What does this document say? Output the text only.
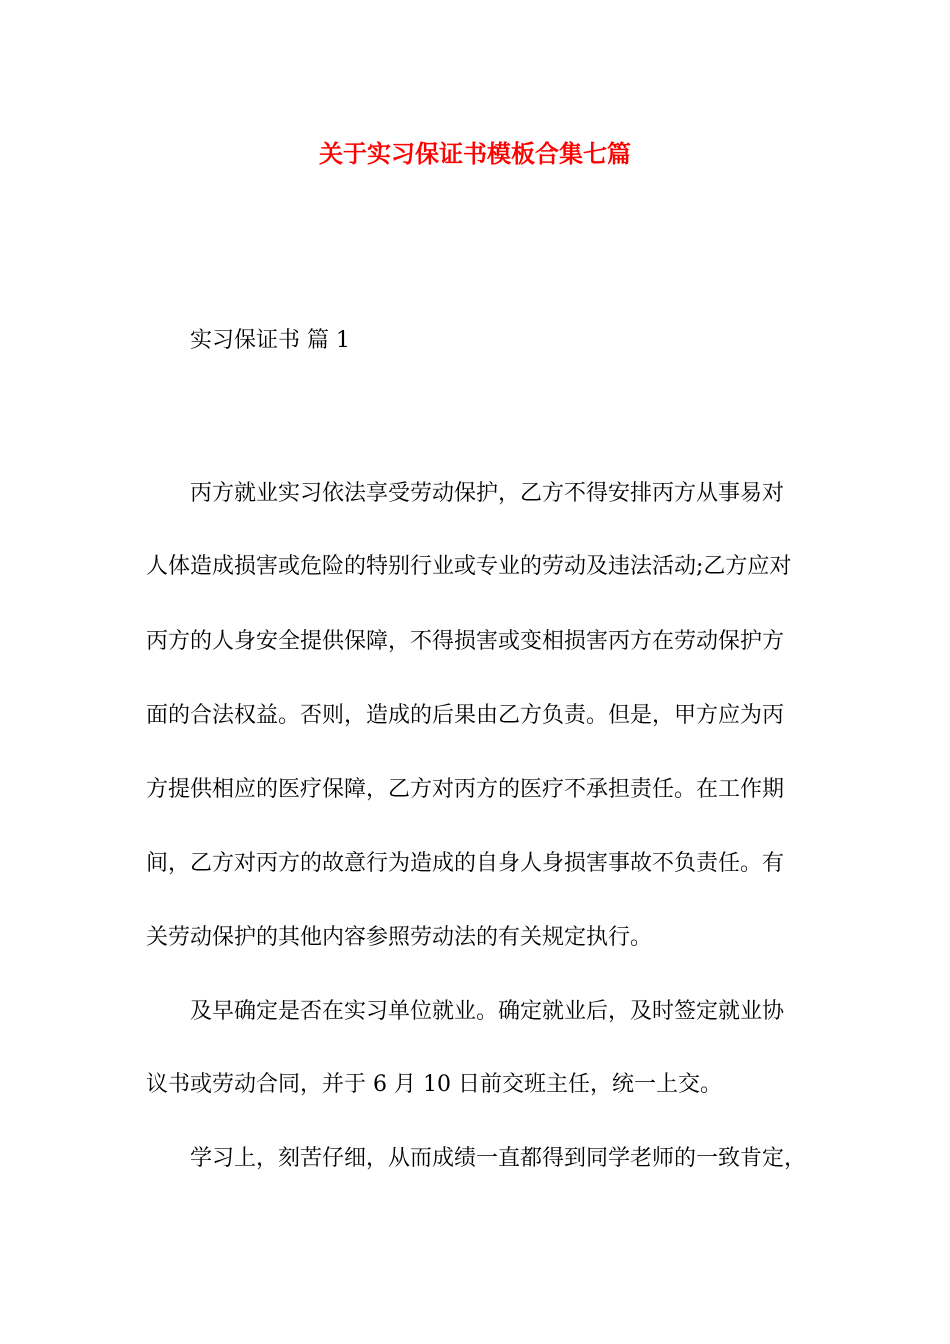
关于实习保证书模板合集七篇
实习保证书 篇 1
丙方就业实习依法享受劳动保护，乙方不得安排丙方从事易对
人体造成损害或危险的特别行业或专业的劳动及违法活动;乙方应对
丙方的人身安全提供保障，不得损害或变相损害丙方在劳动保护方
面的合法权益。否则，造成的后果由乙方负责。但是，甲方应为丙
方提供相应的医疗保障，乙方对丙方的医疗不承担责任。在工作期
间，乙方对丙方的故意行为造成的自身人身损害事故不负责任。有
关劳动保护的其他内容参照劳动法的有关规定执行。
及早确定是否在实习单位就业。确定就业后，及时签定就业协
议书或劳动合同，并于 6 月 10 日前交班主任，统一上交。
学习上，刻苦仔细，从而成绩一直都得到同学老师的一致肯定，
